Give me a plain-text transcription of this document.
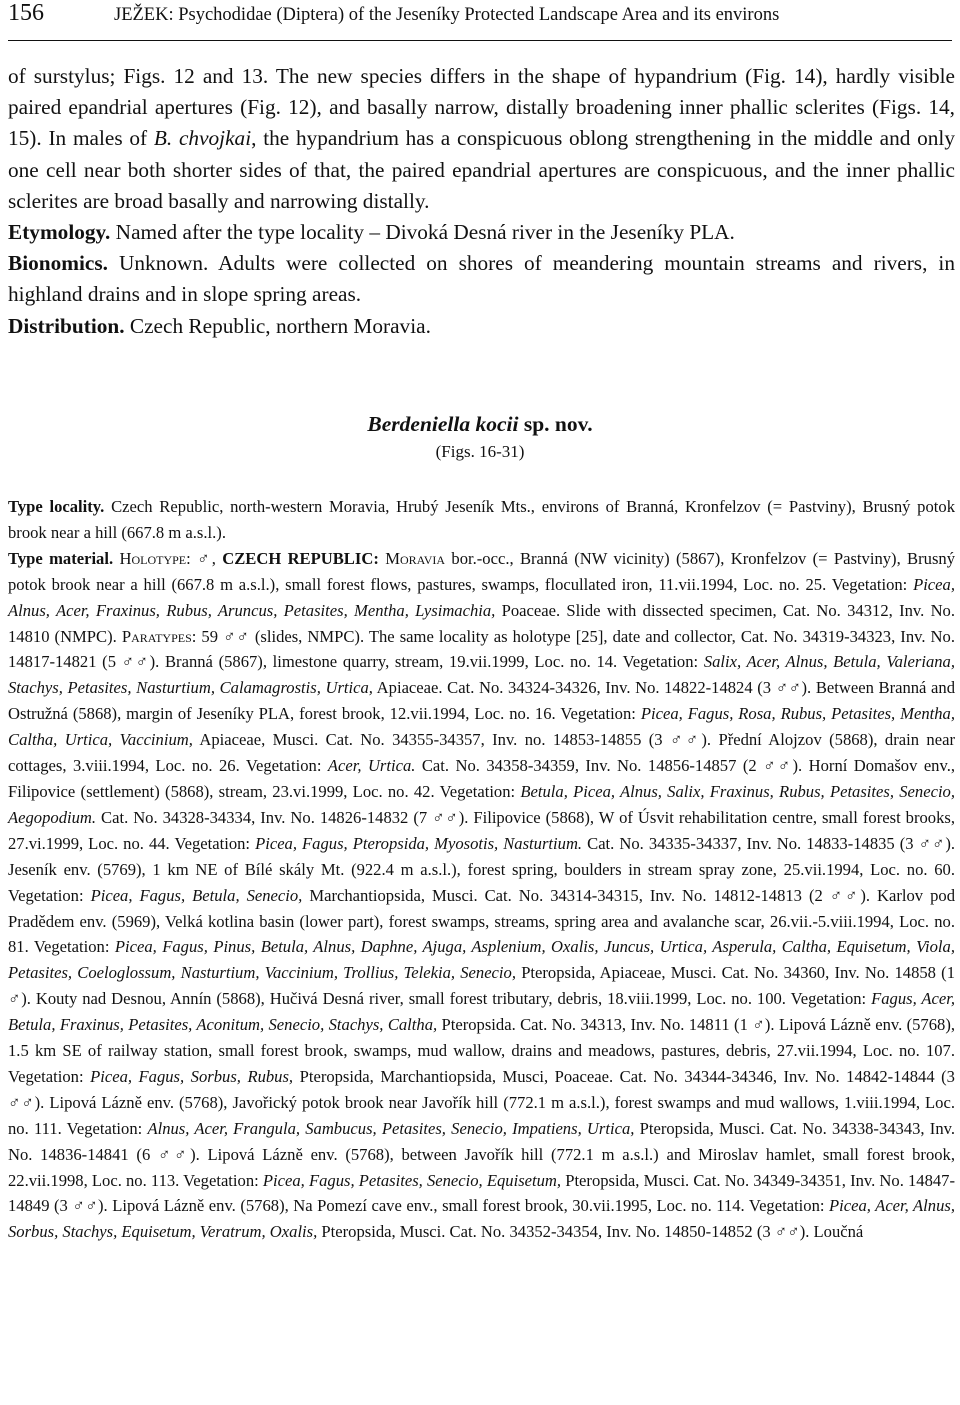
156	JEŽEK: Psychodidae (Diptera) of the Jeseníky Protected Landscape Area and its environs

of surstylus; Figs. 12 and 13. The new species differs in the shape of hypandrium (Fig. 14), hardly visible paired epandrial apertures (Fig. 12), and basally narrow, distally broadening inner phallic sclerites (Figs. 14, 15). In males of B. chvojkai, the hypandrium has a conspicuous oblong strengthening in the middle and only one cell near both shorter sides of that, the paired epandrial apertures are conspicuous, and the inner phallic sclerites are broad basally and narrowing distally.

Etymology. Named after the type locality – Divoká Desná river in the Jeseníky PLA.

Bionomics. Unknown. Adults were collected on shores of meandering mountain streams and rivers, in highland drains and in slope spring areas.

Distribution. Czech Republic, northern Moravia.

Berdeniella kocii sp. nov.
(Figs. 16-31)

Type locality. Czech Republic, north-western Moravia, Hrubý Jeseník Mts., environs of Branná, Kronfelzov (= Pastviny), Brusný potok brook near a hill (667.8 m a.s.l.).

Type material. Holotype: ♂, CZECH REPUBLIC: Moravia bor.-occ., Branná (NW vicinity) (5867), Kronfelzov (= Pastviny), Brusný potok brook near a hill (667.8 m a.s.l.), small forest flows, pastures, swamps, flocullated iron, 11.vii.1994, Loc. no. 25. Vegetation: Picea, Alnus, Acer, Fraxinus, Rubus, Aruncus, Petasites, Mentha, Lysimachia, Poaceae. Slide with dissected specimen, Cat. No. 34312, Inv. No. 14810 (NMPC). Paratypes: 59 ♂♂ (slides, NMPC). The same locality as holotype [25], date and collector, Cat. No. 34319-34323, Inv. No. 14817-14821 (5 ♂♂). Branná (5867), limestone quarry, stream, 19.vii.1999, Loc. no. 14. Vegetation: Salix, Acer, Alnus, Betula, Valeriana, Stachys, Petasites, Nasturtium, Calamagrostis, Urtica, Apiaceae. Cat. No. 34324-34326, Inv. No. 14822-14824 (3 ♂♂). Between Branná and Ostružná (5868), margin of Jeseníky PLA, forest brook, 12.vii.1994, Loc. no. 16. Vegetation: Picea, Fagus, Rosa, Rubus, Petasites, Mentha, Caltha, Urtica, Vaccinium, Apiaceae, Musci. Cat. No. 34355-34357, Inv. no. 14853-14855 (3 ♂♂). Přední Alojzov (5868), drain near cottages, 3.viii.1994, Loc. no. 26. Vegetation: Acer, Urtica. Cat. No. 34358-34359, Inv. No. 14856-14857 (2 ♂♂). Horní Domašov env., Filipovice (settlement) (5868), stream, 23.vi.1999, Loc. no. 42. Vegetation: Betula, Picea, Alnus, Salix, Fraxinus, Rubus, Petasites, Senecio, Aegopodium. Cat. No. 34328-34334, Inv. No. 14826-14832 (7 ♂♂). Filipovice (5868), W of Úsvit rehabilitation centre, small forest brooks, 27.vi.1999, Loc. no. 44. Vegetation: Picea, Fagus, Pteropsida, Myosotis, Nasturtium. Cat. No. 34335-34337, Inv. No. 14833-14835 (3 ♂♂). Jeseník env. (5769), 1 km NE of Bílé skály Mt. (922.4 m a.s.l.), forest spring, boulders in stream spray zone, 25.vii.1994, Loc. no. 60. Vegetation: Picea, Fagus, Betula, Senecio, Marchantiopsida, Musci. Cat. No. 34314-34315, Inv. No. 14812-14813 (2 ♂♂). Karlov pod Pradědem env. (5969), Velká kotlina basin (lower part), forest swamps, streams, spring area and avalanche scar, 26.vii.-5.viii.1994, Loc. no. 81. Vegetation: Picea, Fagus, Pinus, Betula, Alnus, Daphne, Ajuga, Asplenium, Oxalis, Juncus, Urtica, Asperula, Caltha, Equisetum, Viola, Petasites, Coeloglossum, Nasturtium, Vaccinium, Trollius, Telekia, Senecio, Pteropsida, Apiaceae, Musci. Cat. No. 34360, Inv. No. 14858 (1 ♂). Kouty nad Desnou, Annín (5868), Hučivá Desná river, small forest tributary, debris, 18.viii.1999, Loc. no. 100. Vegetation: Fagus, Acer, Betula, Fraxinus, Petasites, Aconitum, Senecio, Stachys, Caltha, Pteropsida. Cat. No. 34313, Inv. No. 14811 (1 ♂). Lipová Lázně env. (5768), 1.5 km SE of railway station, small forest brook, swamps, mud wallow, drains and meadows, pastures, debris, 27.vii.1994, Loc. no. 107. Vegetation: Picea, Fagus, Sorbus, Rubus, Pteropsida, Marchantiopsida, Musci, Poaceae. Cat. No. 34344-34346, Inv. No. 14842-14844 (3 ♂♂). Lipová Lázně env. (5768), Javořický potok brook near Javořík hill (772.1 m a.s.l.), forest swamps and mud wallows, 1.viii.1994, Loc. no. 111. Vegetation: Alnus, Acer, Frangula, Sambucus, Petasites, Senecio, Impatiens, Urtica, Pteropsida, Musci. Cat. No. 34338-34343, Inv. No. 14836-14841 (6 ♂♂). Lipová Lázně env. (5768), between Javořík hill (772.1 m a.s.l.) and Miroslav hamlet, small forest brook, 22.vii.1998, Loc. no. 113. Vegetation: Picea, Fagus, Petasites, Senecio, Equisetum, Pteropsida, Musci. Cat. No. 34349-34351, Inv. No. 14847-14849 (3 ♂♂). Lipová Lázně env. (5768), Na Pomezí cave env., small forest brook, 30.vii.1995, Loc. no. 114. Vegetation: Picea, Acer, Alnus, Sorbus, Stachys, Equisetum, Veratrum, Oxalis, Pteropsida, Musci. Cat. No. 34352-34354, Inv. No. 14850-14852 (3 ♂♂). Loučná
